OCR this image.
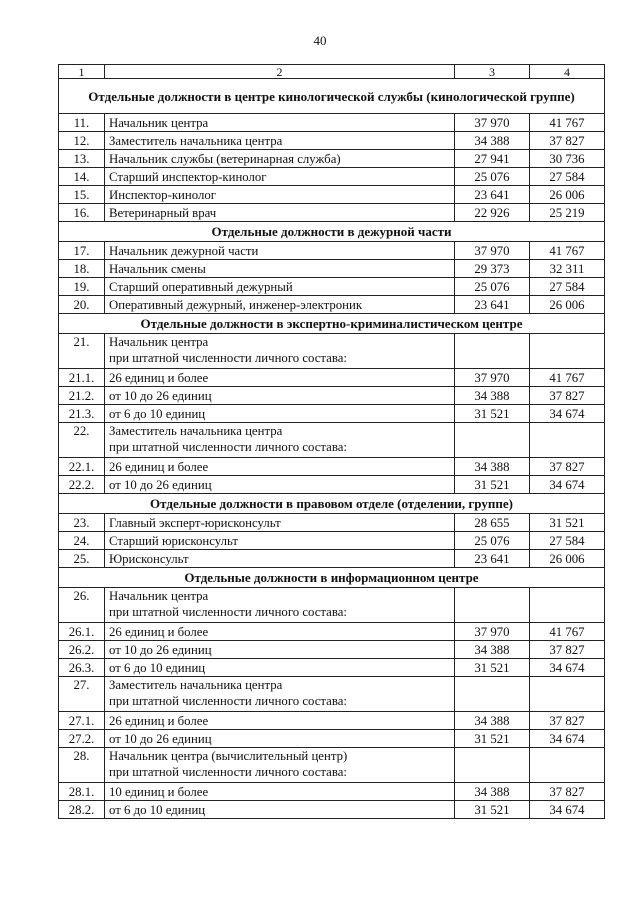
40
1	2	3	4
Отдельные должности в центре кинологической службы (кинологической группе)			
11.	Начальник центра	37 970	41 767
12.	Заместитель начальника центра	34 388	37 827
13.	Начальник службы (ветеринарная служба)	27 941	30 736
14.	Старший инспектор-кинолог	25 076	27 584
15.	Инспектор-кинолог	23 641	26 006
16.	Ветеринарный врач	22 926	25 219
Отдельные должности в дежурной части			
17.	Начальник дежурной части	37 970	41 767
18.	Начальник смены	29 373	32 311
19.	Старший оперативный дежурный	25 076	27 584
20.	Оперативный дежурный, инженер-электроник	23 641	26 006
Отдельные должности в экспертно-криминалистическом центре			
21.	Начальник центра
при штатной численности личного состава:		

21.1.	26 единиц и более	37 970	41 767
21.2.	от 10 до 26 единиц	34 388	37 827
21.3.	от 6 до 10 единиц	31 521	34 674
22.	Заместитель начальника центра
при штатной численности личного состава:		

22.1.	26 единиц и более	34 388	37 827
22.2.	от 10 до 26 единиц	31 521	34 674
Отдельные должности в правовом отделе (отделении, группе)			
23.	Главный эксперт-юрисконсульт	28 655	31 521
24.	Старший юрисконсульт	25 076	27 584
25.	Юрисконсульт	23 641	26 006
Отдельные должности в информационном центре			
26.	Начальник центра
при штатной численности личного состава:		

26.1.	26 единиц и более	37 970	41 767
26.2.	от 10 до 26 единиц	34 388	37 827
26.3.	от 6 до 10 единиц	31 521	34 674
27.	Заместитель начальника центра
при штатной численности личного состава:		

27.1.	26 единиц и более	34 388	37 827
27.2.	от 10 до 26 единиц	31 521	34 674
28.	Начальник центра (вычислительный центр)
при штатной численности личного состава:		

28.1.	10 единиц и более	34 388	37 827
28.2.	от 6 до 10 единиц	31 521	34 674
